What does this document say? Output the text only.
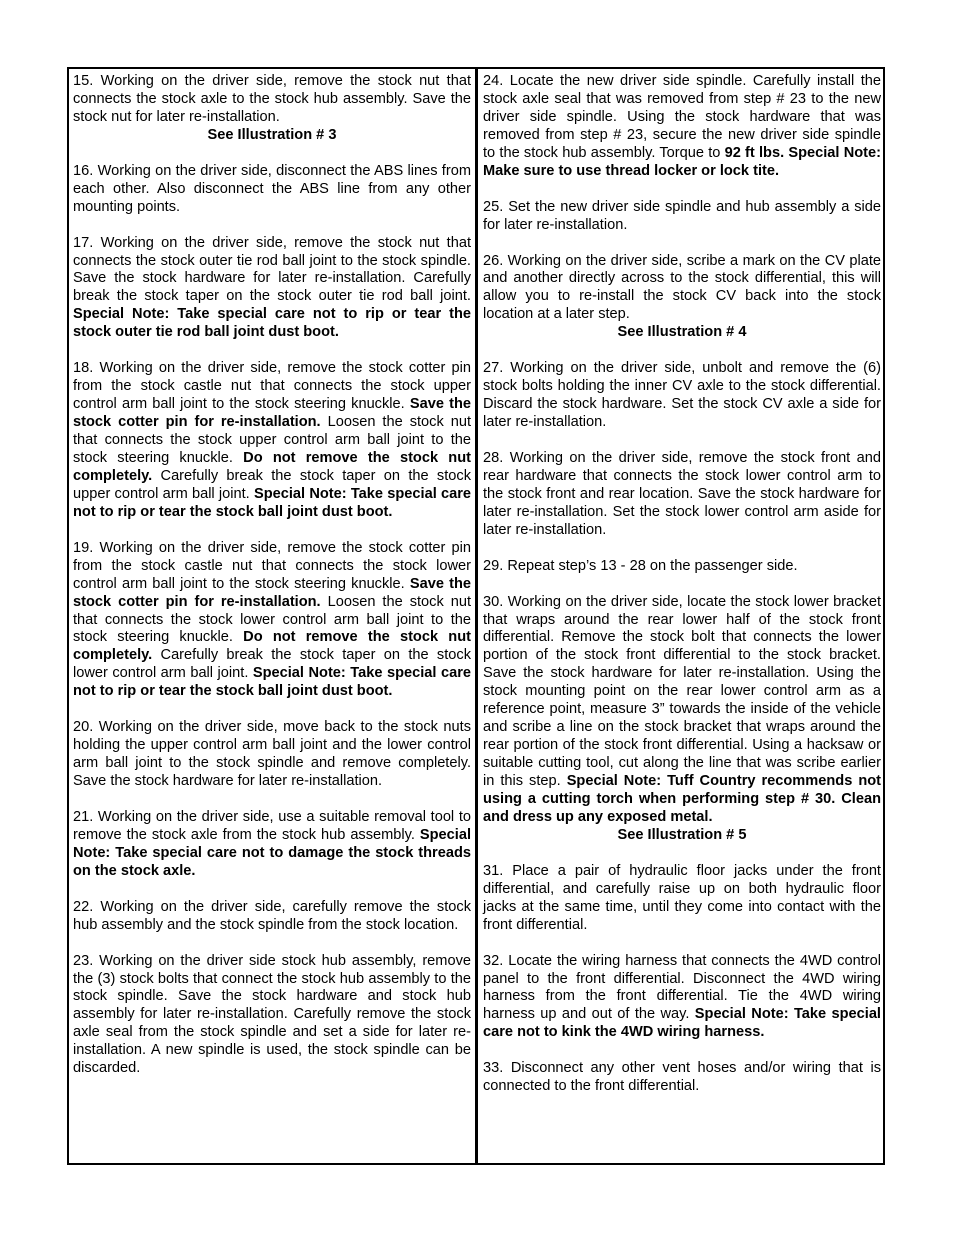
15. Working on the driver side, remove the stock nut that connects the stock axle to the stock hub assembly. Save the stock nut for later re-installation.

See Illustration # 3

16. Working on the driver side, disconnect the ABS lines from each other. Also disconnect the ABS line from any other mounting points.

17. Working on the driver side, remove the stock nut that connects the stock outer tie rod ball joint to the stock spindle. Save the stock hardware for later re-installation. Carefully break the stock taper on the stock outer tie rod ball joint. Special Note: Take special care not to rip or tear the stock outer tie rod ball joint dust boot.

18. Working on the driver side, remove the stock cotter pin from the stock castle nut that connects the stock upper control arm ball joint to the stock steering knuckle. Save the stock cotter pin for re-installation. Loosen the stock nut that connects the stock upper control arm ball joint to the stock steering knuckle. Do not remove the stock nut completely. Carefully break the stock taper on the stock upper control arm ball joint. Special Note: Take special care not to rip or tear the stock ball joint dust boot.

19. Working on the driver side, remove the stock cotter pin from the stock castle nut that connects the stock lower control arm ball joint to the stock steering knuckle. Save the stock cotter pin for re-installation. Loosen the stock nut that connects the stock lower control arm ball joint to the stock steering knuckle. Do not remove the stock nut completely. Carefully break the stock taper on the stock lower control arm ball joint. Special Note: Take special care not to rip or tear the stock ball joint dust boot.

20. Working on the driver side, move back to the stock nuts holding the upper control arm ball joint and the lower control arm ball joint to the stock spindle and remove completely. Save the stock hardware for later re-installation.

21. Working on the driver side, use a suitable removal tool to remove the stock axle from the stock hub assembly. Special Note: Take special care not to damage the stock threads on the stock axle.

22. Working on the driver side, carefully remove the stock hub assembly and the stock spindle from the stock location.

23. Working on the driver side stock hub assembly, remove the (3) stock bolts that connect the stock hub assembly to the stock spindle. Save the stock hardware and stock hub assembly for later re-installation. Carefully remove the stock axle seal from the stock spindle and set a side for later re-installation. A new spindle is used, the stock spindle can be discarded.

24. Locate the new driver side spindle. Carefully install the stock axle seal that was removed from step # 23 to the new driver side spindle. Using the stock hardware that was removed from step # 23, secure the new driver side spindle to the stock hub assembly. Torque to 92 ft lbs. Special Note: Make sure to use thread locker or lock tite.

25. Set the new driver side spindle and hub assembly a side for later re-installation.

26. Working on the driver side, scribe a mark on the CV plate and another directly across to the stock differential, this will allow you to re-install the stock CV back into the stock location at a later step.

See Illustration # 4

27. Working on the driver side, unbolt and remove the (6) stock bolts holding the inner CV axle to the stock differential. Discard the stock hardware. Set the stock CV axle a side for later re-installation.

28. Working on the driver side, remove the stock front and rear hardware that connects the stock lower control arm to the stock front and rear location. Save the stock hardware for later re-installation. Set the stock lower control arm aside for later re-installation.

29. Repeat step’s 13 - 28 on the passenger side.

30. Working on the driver side, locate the stock lower bracket that wraps around the rear lower half of the stock front differential. Remove the stock bolt that connects the lower portion of the stock front differential to the stock bracket. Save the stock hardware for later re-installation. Using the stock mounting point on the rear lower control arm as a reference point, measure 3” towards the inside of the vehicle and scribe a line on the stock bracket that wraps around the rear portion of the stock front differential. Using a hacksaw or suitable cutting tool, cut along the line that was scribe earlier in this step. Special Note: Tuff Country recommends not using a cutting torch when performing step # 30. Clean and dress up any exposed metal.

See Illustration # 5

31. Place a pair of hydraulic floor jacks under the front differential, and carefully raise up on both hydraulic floor jacks at the same time, until they come into contact with the front differential.

32. Locate the wiring harness that connects the 4WD control panel to the front differential. Disconnect the 4WD wiring harness from the front differential. Tie the 4WD wiring harness up and out of the way. Special Note: Take special care not to kink the 4WD wiring harness.

33. Disconnect any other vent hoses and/or wiring that is connected to the front differential.
